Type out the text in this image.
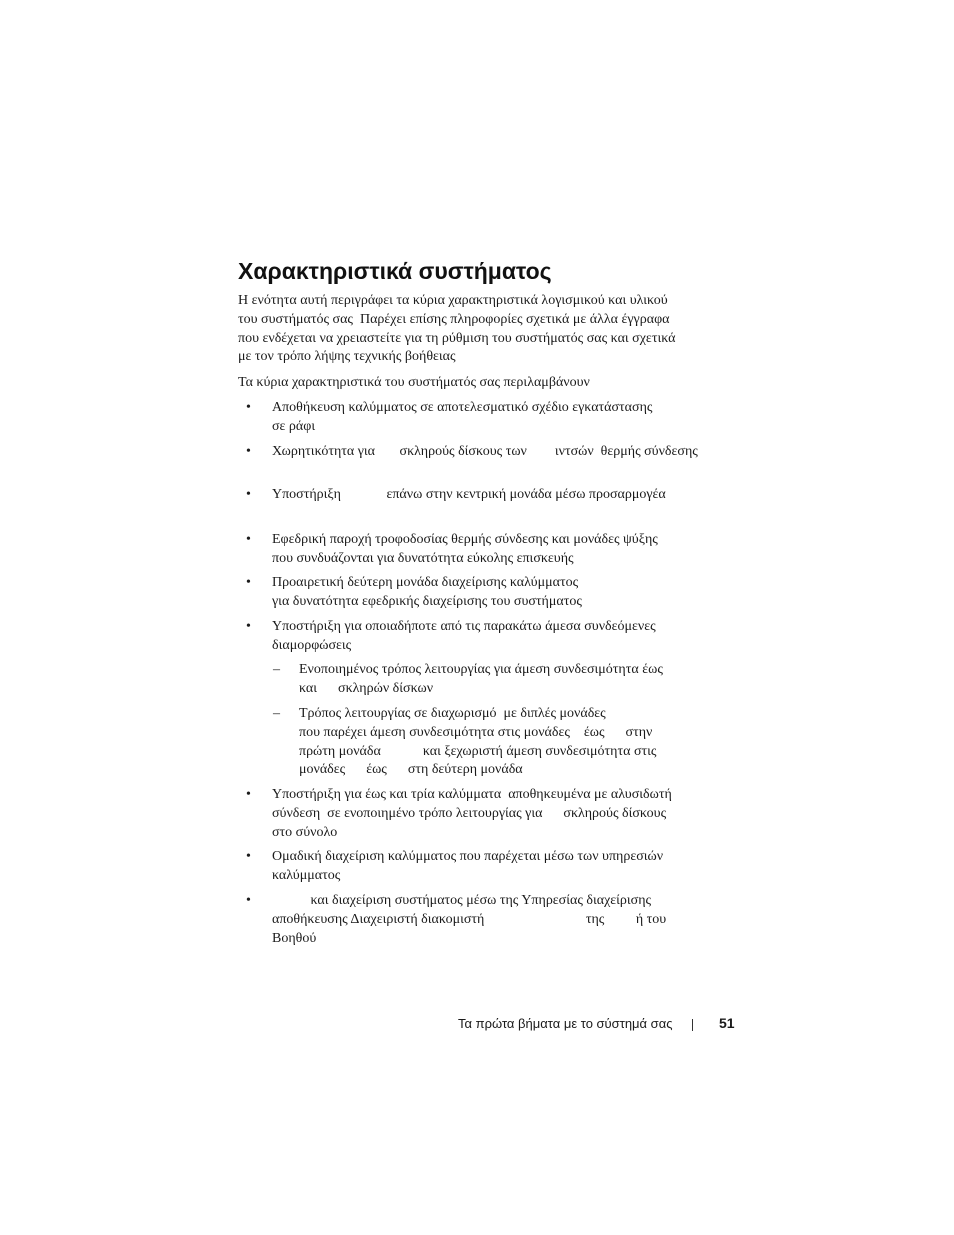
Χαρακτηριστικά συστήματος

Η ενότητα αυτή περιγράφει τα κύρια χαρακτηριστικά λογισμικού και υλικού
του συστήματός σας  Παρέχει επίσης πληροφορίες σχετικά με άλλα έγγραφα
που ενδέχεται να χρειαστείτε για τη ρύθμιση του συστήματός σας και σχετικά
με τον τρόπο λήψης τεχνικής βοήθειας

Τα κύρια χαρακτηριστικά του συστήματός σας περιλαμβάνουν

• Αποθήκευση καλύμματος σε αποτελεσματικό σχέδιο εγκατάστασης
σε ράφι
• Χωρητικότητα για       σκληρούς δίσκους των        ιντσών  θερμής σύνδεσης
• Υποστήριξη             επάνω στην κεντρική μονάδα μέσω προσαρμογέα
• Εφεδρική παροχή τροφοδοσίας θερμής σύνδεσης και μονάδες ψύξης
που συνδυάζονται για δυνατότητα εύκολης επισκευής
• Προαιρετική δεύτερη μονάδα διαχείρισης καλύμματος
για δυνατότητα εφεδρικής διαχείρισης του συστήματος
• Υποστήριξη για οποιαδήποτε από τις παρακάτω άμεσα συνδεόμενες
διαμορφώσεις
– Ενοποιημένος τρόπος λειτουργίας για άμεση συνδεσιμότητα έως
και      σκληρών δίσκων
– Τρόπος λειτουργίας σε διαχωρισμό  με διπλές μονάδες
που παρέχει άμεση συνδεσιμότητα στις μονάδες    έως      στην
πρώτη μονάδα            και ξεχωριστή άμεση συνδεσιμότητα στις
μονάδες      έως      στη δεύτερη μονάδα
• Υποστήριξη για έως και τρία καλύμματα  αποθηκευμένα με αλυσιδωτή
σύνδεση  σε ενοποιημένο τρόπο λειτουργίας για      σκληρούς δίσκους
στο σύνολο
• Ομαδική διαχείριση καλύμματος που παρέχεται μέσω των υπηρεσιών
καλύμματος
• και διαχείριση συστήματος μέσω της Υπηρεσίας διαχείρισης
αποθήκευσης Διαχειριστή διακομιστή                             της         ή του
Βοηθού
Τα πρώτα βήματα με το σύστημά σας	51
